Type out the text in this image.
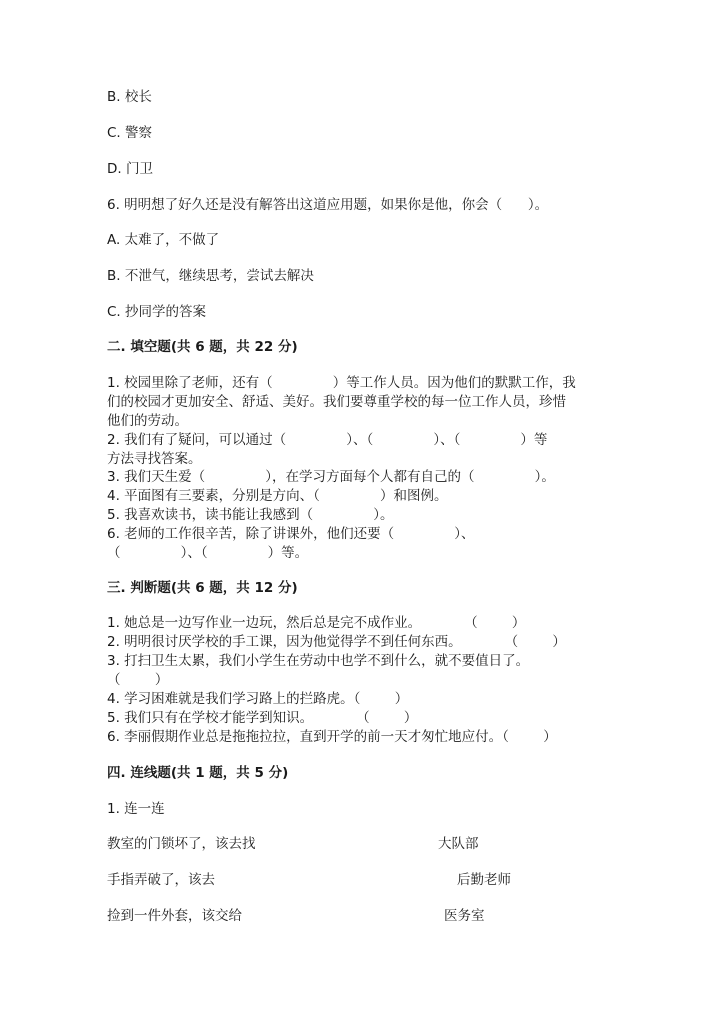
B. 校长
C. 警察
D. 门卫
6. 明明想了好久还是没有解答出这道应用题，如果你是他，你会（      ）。
A. 太难了，不做了
B. 不泄气，继续思考，尝试去解决
C. 抄同学的答案
二. 填空题(共 6 题，共 22 分)
1. 校园里除了老师，还有（              ）等工作人员。因为他们的默默工作，我
们的校园才更加安全、舒适、美好。我们要尊重学校的每一位工作人员，珍惜
他们的劳动。
2. 我们有了疑问，可以通过（              ）、（              ）、（              ）等
方法寻找答案。
3. 我们天生爱（              ），在学习方面每个人都有自己的（              ）。
4. 平面图有三要素，分别是方向、（              ）和图例。
5. 我喜欢读书，读书能让我感到（              ）。
6. 老师的工作很辛苦，除了讲课外，他们还要（              ）、
（              ）、（              ）等。
三. 判断题(共 6 题，共 12 分)
1. 她总是一边写作业一边玩，然后总是完不成作业。          （        ）
2. 明明很讨厌学校的手工课，因为他觉得学不到任何东西。          （        ）
3. 打扫卫生太累，我们小学生在劳动中也学不到什么，就不要值日了。
（        ）
4. 学习困难就是我们学习路上的拦路虎。（        ）
5. 我们只有在学校才能学到知识。          （        ）
6. 李丽假期作业总是拖拖拉拉，直到开学的前一天才匆忙地应付。（        ）
四. 连线题(共 1 题，共 5 分)
1. 连一连
教室的门锁坏了，该去找	大队部
手指弄破了，该去	后勤老师
捡到一件外套，该交给	医务室
